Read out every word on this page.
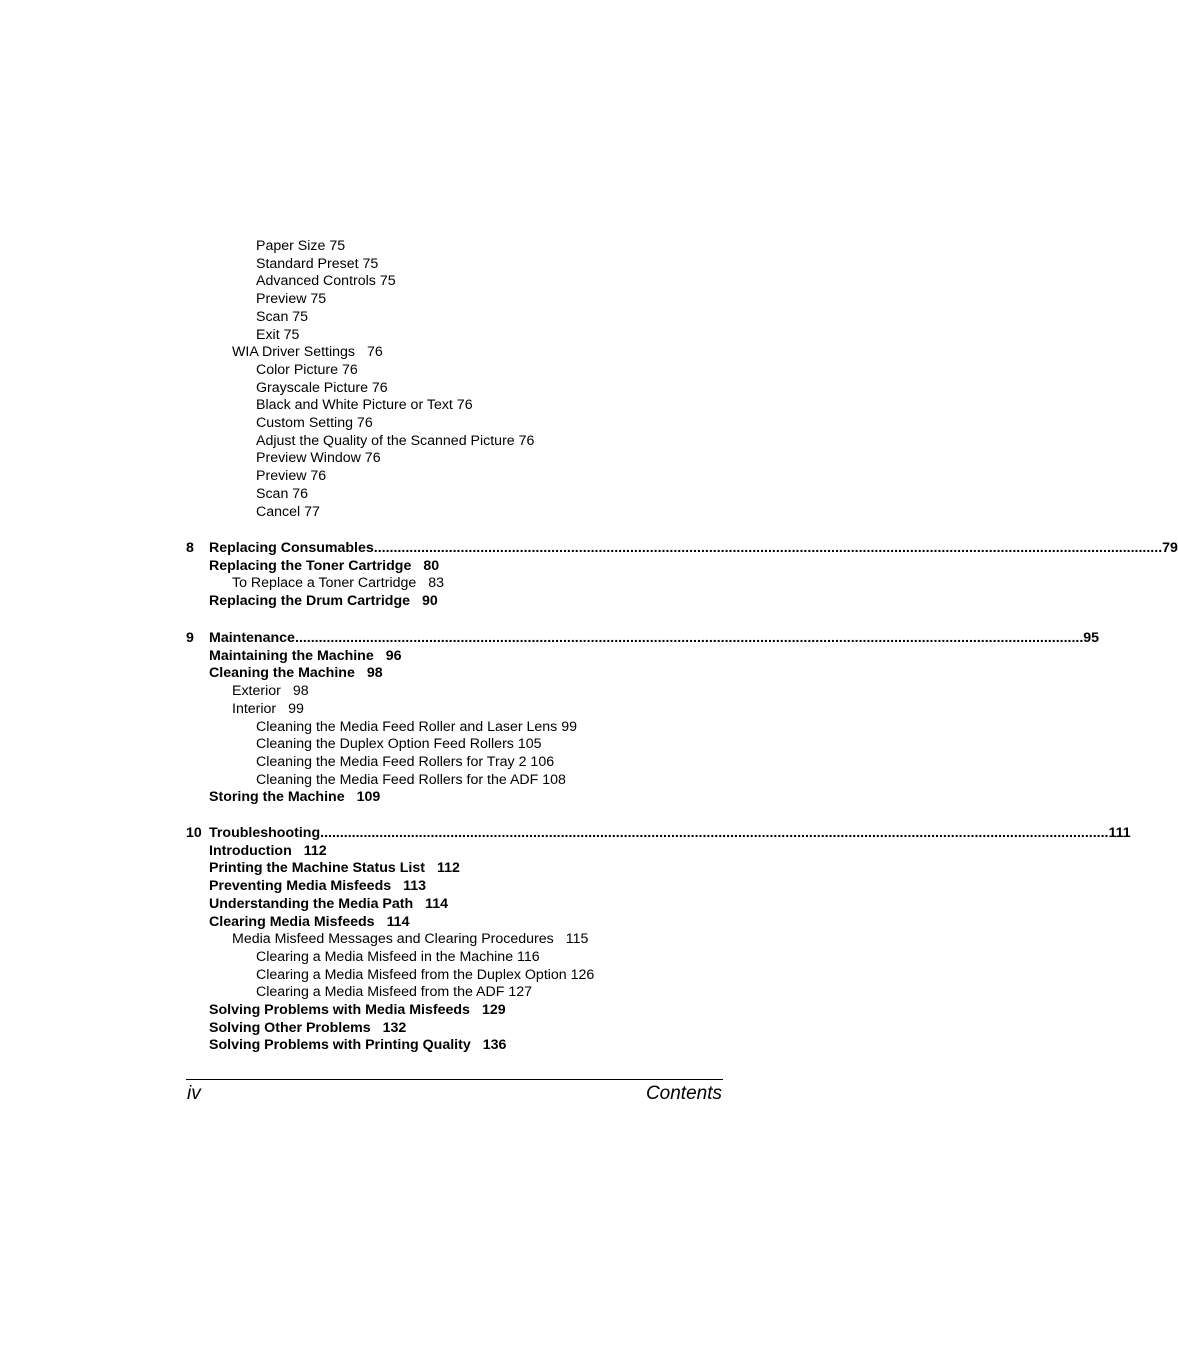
Paper Size 75
Standard Preset 75
Advanced Controls 75
Preview 75
Scan 75
Exit 75
WIA Driver Settings 76
Color Picture 76
Grayscale Picture 76
Black and White Picture or Text 76
Custom Setting 76
Adjust the Quality of the Scanned Picture 76
Preview Window 76
Preview 76
Scan 76
Cancel 77
8	Replacing Consumables ........................................................................................................................................................................................................ 79
Replacing the Toner Cartridge 80
To Replace a Toner Cartridge 83
Replacing the Drum Cartridge 90
9	Maintenance ........................................................................................................................................................................................................ 95
Maintaining the Machine 96
Cleaning the Machine 98
Exterior 98
Interior 99
Cleaning the Media Feed Roller and Laser Lens 99
Cleaning the Duplex Option Feed Rollers 105
Cleaning the Media Feed Rollers for Tray 2 106
Cleaning the Media Feed Rollers for the ADF 108
Storing the Machine 109
10 Troubleshooting ........................................................................................................................................................................................................ 111
Introduction 112
Printing the Machine Status List 112
Preventing Media Misfeeds 113
Understanding the Media Path 114
Clearing Media Misfeeds 114
Media Misfeed Messages and Clearing Procedures 115
Clearing a Media Misfeed in the Machine 116
Clearing a Media Misfeed from the Duplex Option 126
Clearing a Media Misfeed from the ADF 127
Solving Problems with Media Misfeeds 129
Solving Other Problems 132
Solving Problems with Printing Quality 136
iv	Contents
